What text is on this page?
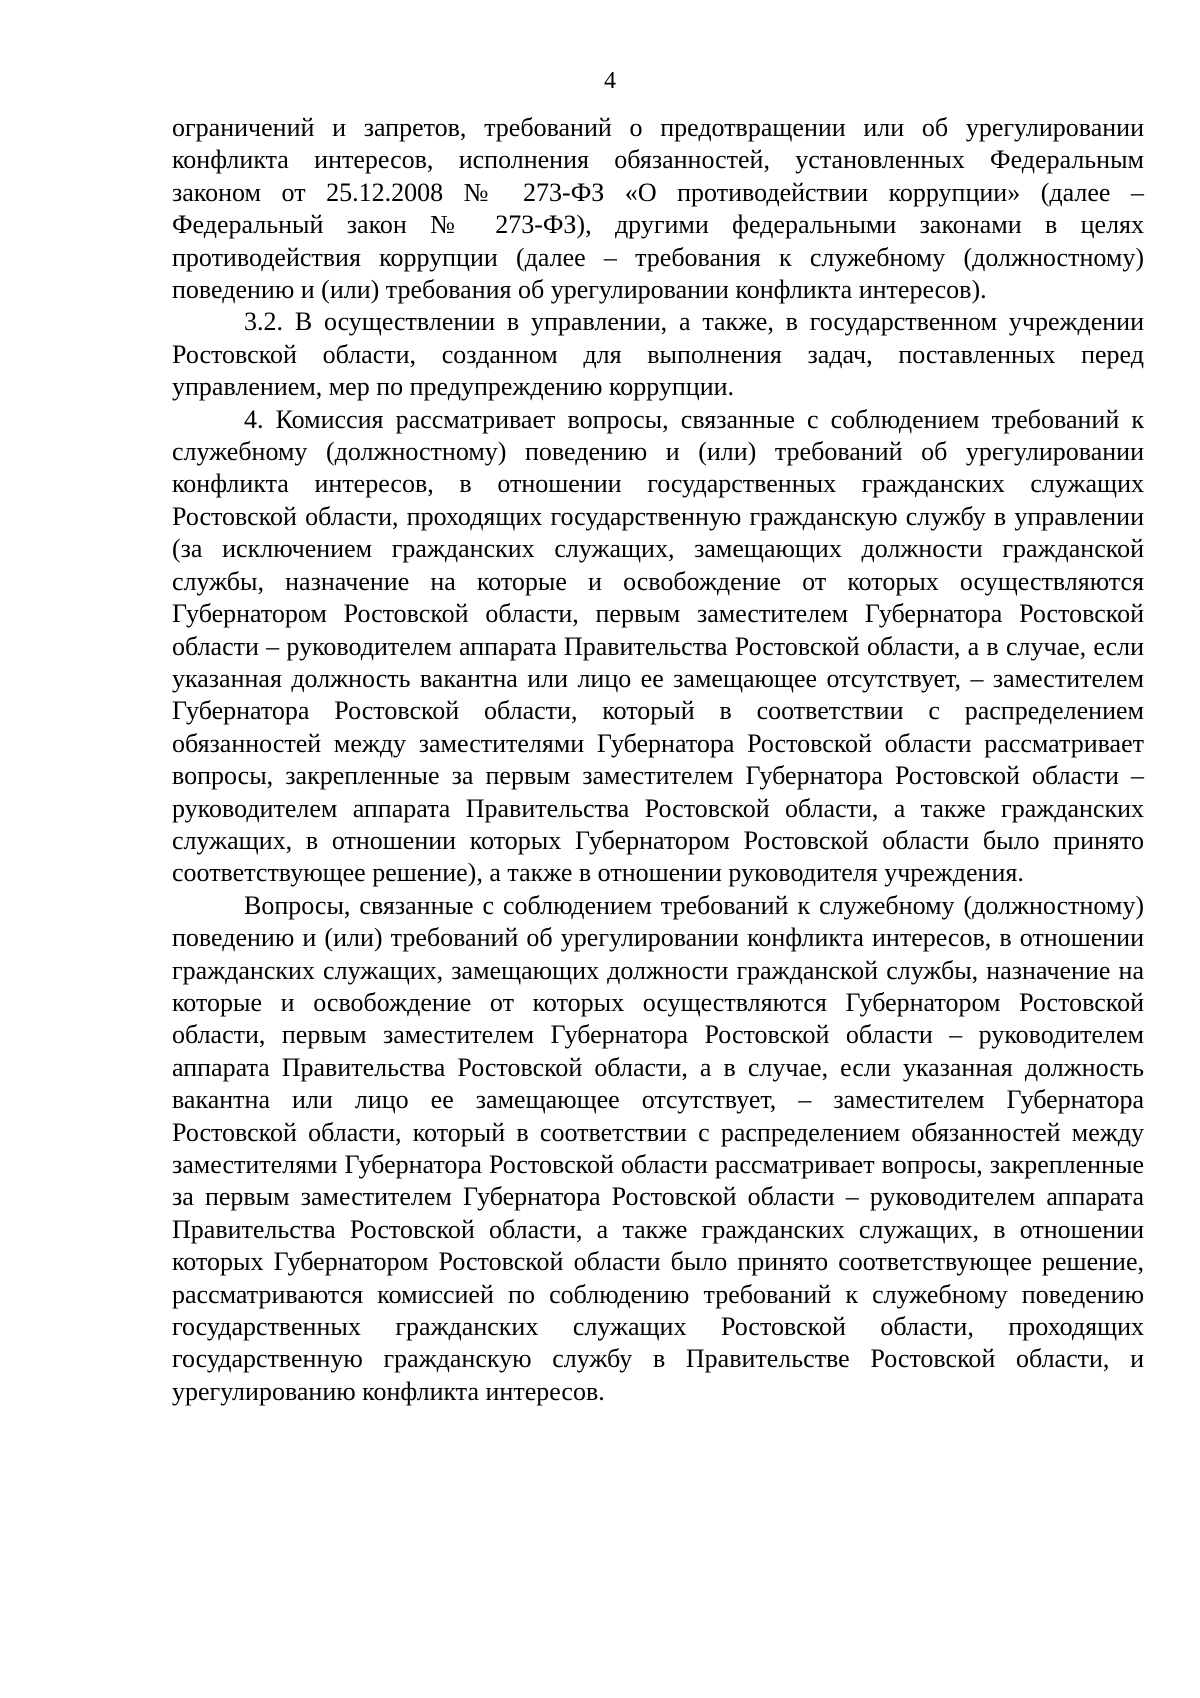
4

ограничений и запретов, требований о предотвращении или об урегулировании конфликта интересов, исполнения обязанностей, установленных Федеральным законом от 25.12.2008 № 273-ФЗ «О противодействии коррупции» (далее – Федеральный закон № 273-ФЗ), другими федеральными законами в целях противодействия коррупции (далее – требования к служебному (должностному) поведению и (или) требования об урегулировании конфликта интересов).

3.2. В осуществлении в управлении, а также, в государственном учреждении Ростовской области, созданном для выполнения задач, поставленных перед управлением, мер по предупреждению коррупции.

4. Комиссия рассматривает вопросы, связанные с соблюдением требований к служебному (должностному) поведению и (или) требований об урегулировании конфликта интересов, в отношении государственных гражданских служащих Ростовской области, проходящих государственную гражданскую службу в управлении (за исключением гражданских служащих, замещающих должности гражданской службы, назначение на которые и освобождение от которых осуществляются Губернатором Ростовской области, первым заместителем Губернатора Ростовской области – руководителем аппарата Правительства Ростовской области, а в случае, если указанная должность вакантна или лицо ее замещающее отсутствует, – заместителем Губернатора Ростовской области, который в соответствии с распределением обязанностей между заместителями Губернатора Ростовской области рассматривает вопросы, закрепленные за первым заместителем Губернатора Ростовской области – руководителем аппарата Правительства Ростовской области, а также гражданских служащих, в отношении которых Губернатором Ростовской области было принято соответствующее решение), а также в отношении руководителя учреждения.

Вопросы, связанные с соблюдением требований к служебному (должностному) поведению и (или) требований об урегулировании конфликта интересов, в отношении гражданских служащих, замещающих должности гражданской службы, назначение на которые и освобождение от которых осуществляются Губернатором Ростовской области, первым заместителем Губернатора Ростовской области – руководителем аппарата Правительства Ростовской области, а в случае, если указанная должность вакантна или лицо ее замещающее отсутствует, – заместителем Губернатора Ростовской области, который в соответствии с распределением обязанностей между заместителями Губернатора Ростовской области рассматривает вопросы, закрепленные за первым заместителем Губернатора Ростовской области – руководителем аппарата Правительства Ростовской области, а также гражданских служащих, в отношении которых Губернатором Ростовской области было принято соответствующее решение, рассматриваются комиссией по соблюдению требований к служебному поведению государственных гражданских служащих Ростовской области, проходящих государственную гражданскую службу в Правительстве Ростовской области, и урегулированию конфликта интересов.
